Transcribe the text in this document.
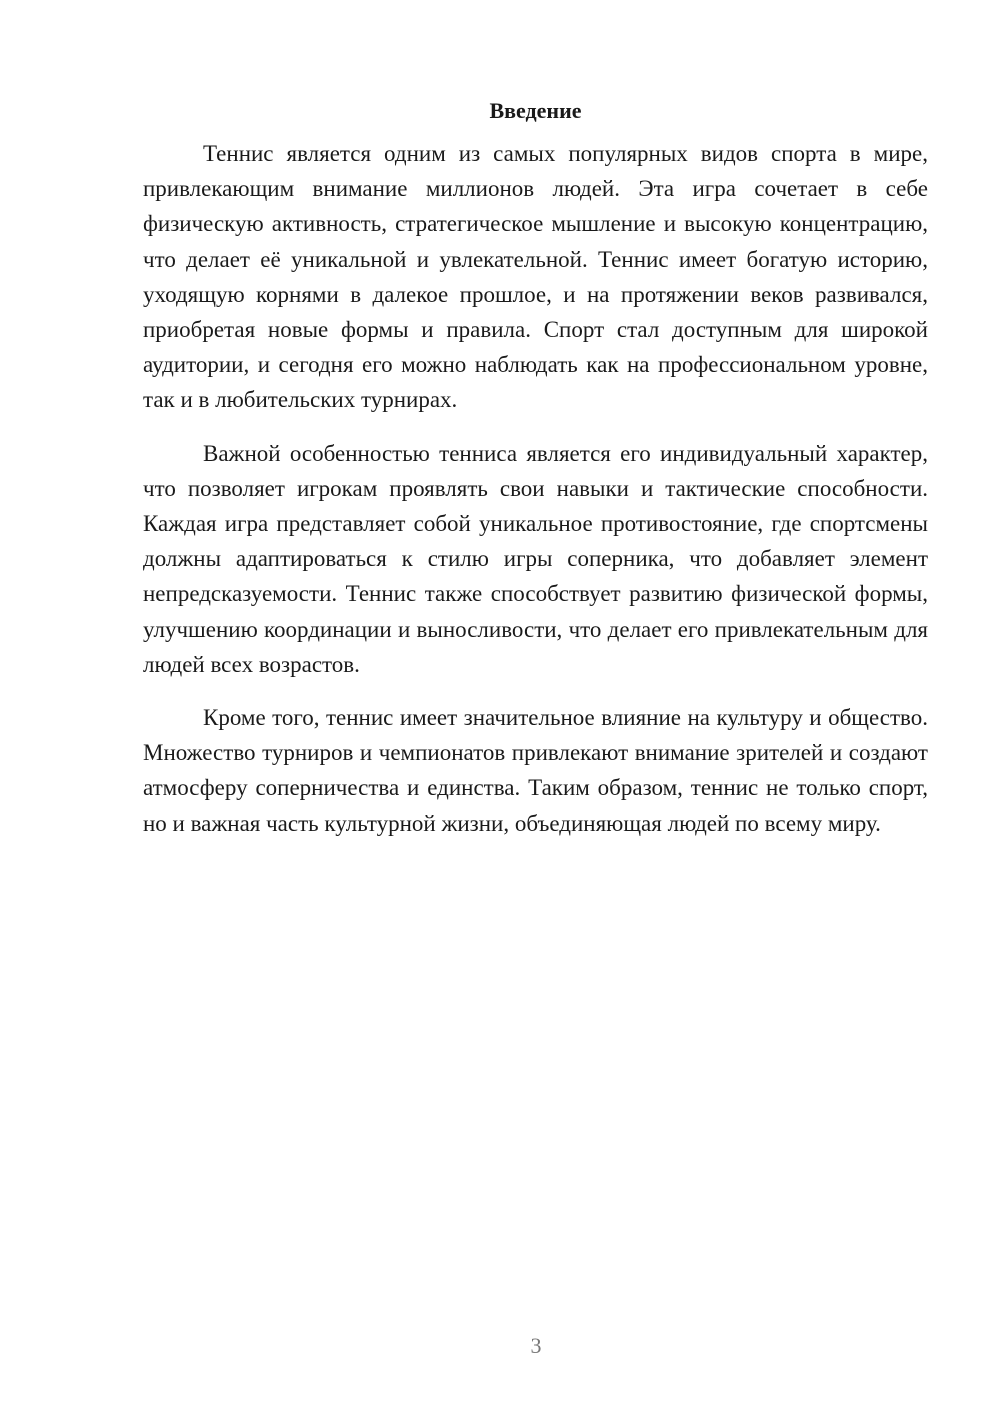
Введение

Теннис является одним из самых популярных видов спорта в мире, привлекающим внимание миллионов людей. Эта игра сочетает в себе физическую активность, стратегическое мышление и высокую концентрацию, что делает её уникальной и увлекательной. Теннис имеет богатую историю, уходящую корнями в далекое прошлое, и на протяжении веков развивался, приобретая новые формы и правила. Спорт стал доступным для широкой аудитории, и сегодня его можно наблюдать как на профессиональном уровне, так и в любительских турнирах.

Важной особенностью тенниса является его индивидуальный характер, что позволяет игрокам проявлять свои навыки и тактические способности. Каждая игра представляет собой уникальное противостояние, где спортсмены должны адаптироваться к стилю игры соперника, что добавляет элемент непредсказуемости. Теннис также способствует развитию физической формы, улучшению координации и выносливости, что делает его привлекательным для людей всех возрастов.

Кроме того, теннис имеет значительное влияние на культуру и общество. Множество турниров и чемпионатов привлекают внимание зрителей и создают атмосферу соперничества и единства. Таким образом, теннис не только спорт, но и важная часть культурной жизни, объединяющая людей по всему миру.

3
